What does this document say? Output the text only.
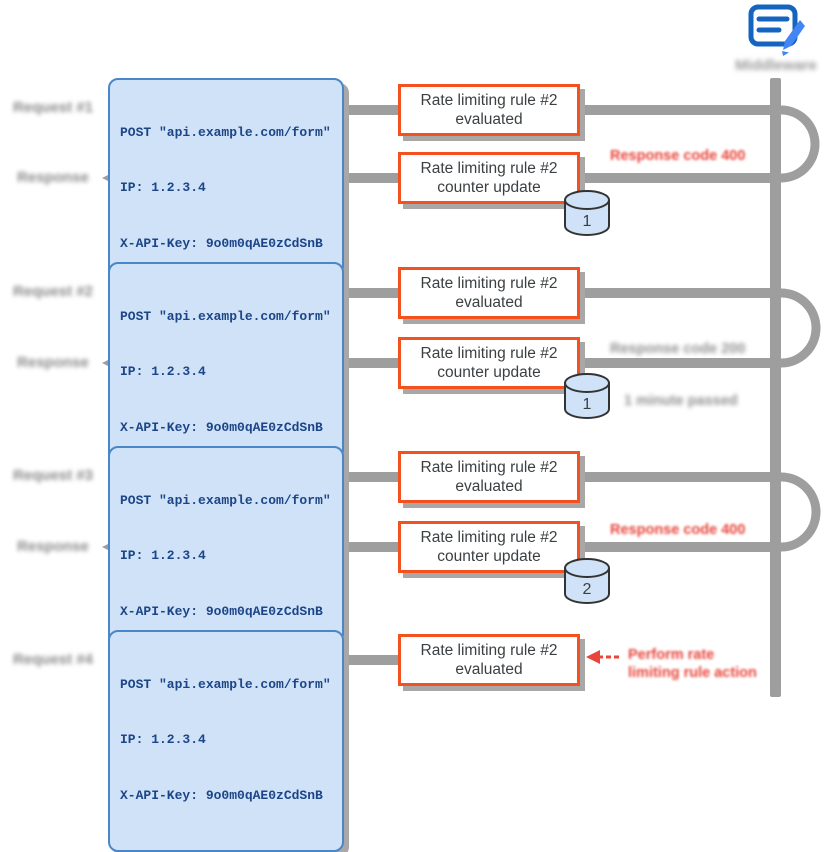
Middleware
Request #1
Response
Request #2
Response
Request #3
Response
Request #4

POST "api.example.com/form"

IP: 1.2.3.4

X-API-Key: 9o0m0qAE0zCdSnB

POST "api.example.com/form"

IP: 1.2.3.4

X-API-Key: 9o0m0qAE0zCdSnB

POST "api.example.com/form"

IP: 1.2.3.4

X-API-Key: 9o0m0qAE0zCdSnB

POST "api.example.com/form"

IP: 1.2.3.4

X-API-Key: 9o0m0qAE0zCdSnB

Rate limiting rule #2
evaluated
Rate limiting rule #2
counter update
Rate limiting rule #2
evaluated
Rate limiting rule #2
counter update
Rate limiting rule #2
evaluated
Rate limiting rule #2
counter update
Rate limiting rule #2
evaluated
1
1
2
Response code 400
Response code 200
1 minute passed
Response code 400
Perform rate
limiting rule action
